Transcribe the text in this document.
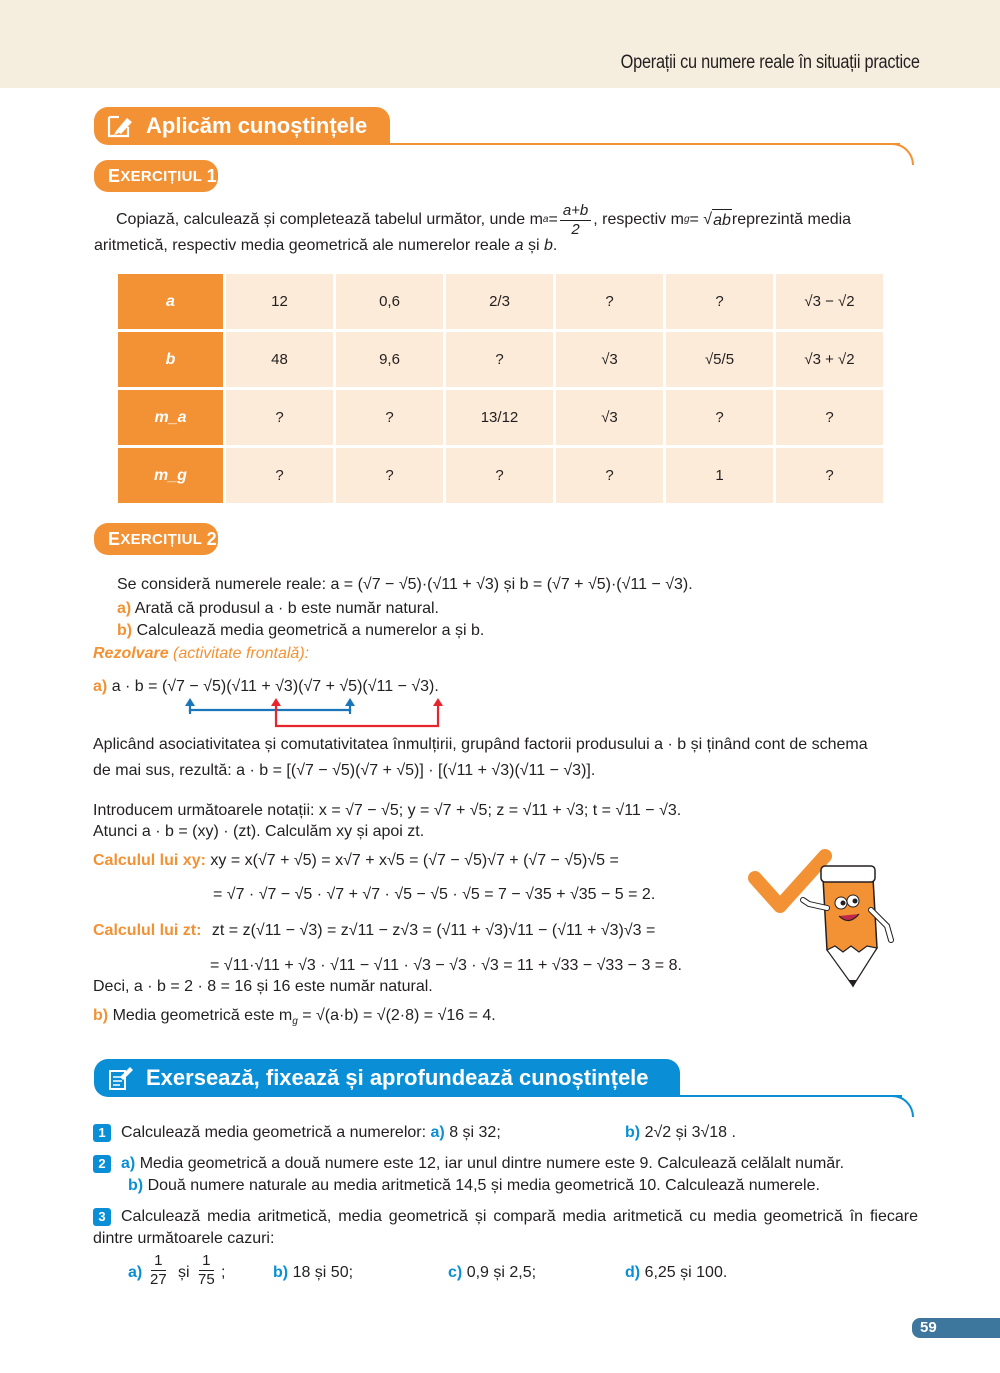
Operații cu numere reale în situații practice
Aplicăm cunoștințele
E XERCIȚIUL
1
Copiază, calculează și completează tabelul următor, unde m $a = \frac{a+b}{2}$ , respectiv m g = √ ab reprezintă media
aritmetică, respectiv media geometrică ale numerelor reale a și b.
a	12	0,6	2/3	?	?	√3 − √2
b	48	9,6	?	√3	√5/5	√3 + √2
m_a	?	?	13/12	√3	?	?
m_g	?	?	?	?	1	?
E XERCIȚIUL
2
Se consideră numerele reale: a = (√7 − √5)·(√11 + √3) și b = (√7 + √5)·(√11 − √3).
a) Arată că produsul a · b este număr natural.
b) Calculează media geometrică a numerelor a și b.
Rezolvare (activitate frontală):
a) a · b = (√7 − √5)(√11 + √3)(√7 + √5)(√11 − √3).
Aplicând asociativitatea și comutativitatea înmulțirii, grupând factorii produsului a · b și ținând cont de schema
de mai sus, rezultă: a · b = [(√7 − √5)(√7 + √5)] · [(√11 + √3)(√11 − √3)].
Introducem următoarele notații: x = √7 − √5; y = √7 + √5; z = √11 + √3; t = √11 − √3.
Atunci a · b = (xy) · (zt). Calculăm xy și apoi zt.
Calculul lui xy: xy = x(√7 + √5) = x√7 + x√5 = (√7 − √5)√7 + (√7 − √5)√5 =
= √7 · √7 − √5 · √7 + √7 · √5 − √5 · √5 = 7 − √35 + √35 − 5 = 2.
Calculul lui zt: zt = z(√11 − √3) = z√11 − z√3 = (√11 + √3)√11 − (√11 + √3)√3 =
= √11·√11 + √3 · √11 − √11 · √3 − √3 · √3 = 11 + √33 − √33 − 3 = 8.
Deci, a · b = 2 · 8 = 16 și 16 este număr natural.
b) Media geometrică este $m_g = √(a\cdot b) = √(2\cdot 8) = √16 = 4$.
Exersează, fixează și aprofundează cunoștințele
1 Calculează media geometrică a numerelor: a) 8 și 32;	b) 2√2 și 3√18 .
2 a) Media geometrică a două numere este 12, iar unul dintre numere este 9. Calculează celălalt număr.
b) Două numere naturale au media aritmetică 14,5 și media geometrică 10. Calculează numerele.
3 Calculează media aritmetică, media geometrică și compară media aritmetică cu media geometrică în fiecare dintre următoarele cazuri:
$a) \frac{1}{27}$ și $\frac{1}{75}$ ;	b) 18 și 50;	c) 0,9 și 2,5;	d) 6,25 și 100.
59
